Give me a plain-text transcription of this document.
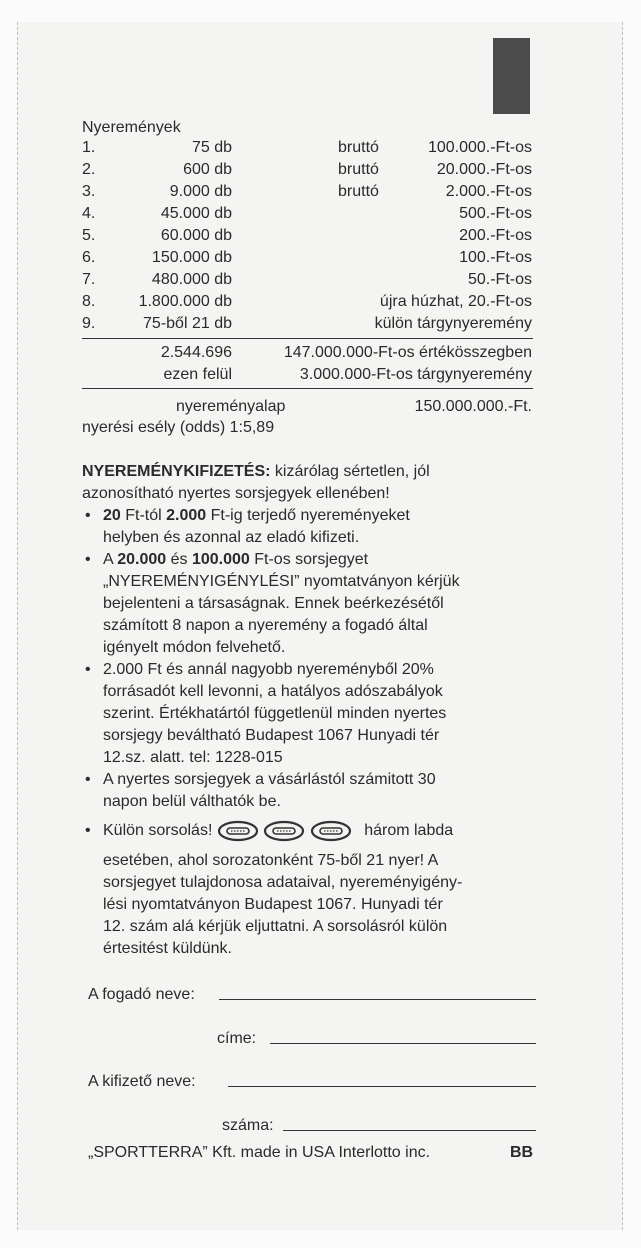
Nyeremények
1.	75 db	bruttó	100.000.-Ft-os
2.	600 db	bruttó	20.000.-Ft-os
3.	9.000 db	bruttó	2.000.-Ft-os
4.	45.000 db	500.-Ft-os
5.	60.000 db	200.-Ft-os
6.	150.000 db	100.-Ft-os
7.	480.000 db	50.-Ft-os
8.	1.800.000 db	újra húzhat, 20.-Ft-os
9.	75-ből 21 db	külön tárgynyeremény
2.544.696	147.000.000-Ft-os értékösszegben
ezen felül	3.000.000-Ft-os tárgynyeremény
nyereményalap	150.000.000.-Ft.
nyerési esély (odds) 1:5,89
NYEREMÉNYKIFIZETÉS: kizárólag sértetlen, jól
azonosítható nyertes sorsjegyek ellenében!
• 20 Ft-tól 2.000 Ft-ig terjedő nyereményeket
helyben és azonnal az eladó kifizeti.
• A 20.000 és 100.000 Ft-os sorsjegyet
„NYEREMÉNYIGÉNYLÉSI” nyomtatványon kérjük
bejelenteni a társaságnak. Ennek beérkezésétől
számított 8 napon a nyeremény a fogadó által
igényelt módon felvehető.
• 2.000 Ft és annál nagyobb nyereményből 20%
forrásadót kell levonni, a hatályos adószabályok
szerint. Értékhatártól függetlenül minden nyertes
sorsjegy beváltható Budapest 1067 Hunyadi tér
12.sz. alatt. tel: 1228-015
• A nyertes sorsjegyek a vásárlástól számitott 30
napon belül válthatók be.
• Külön sorsolás!	három labda
esetében, ahol sorozatonként 75-ből 21 nyer! A
sorsjegyet tulajdonosa adataival, nyereményigény-
lési nyomtatványon Budapest 1067. Hunyadi tér
12. szám alá kérjük eljuttatni. A sorsolásról külön
értesitést küldünk.
A fogadó neve:
címe:
A kifizető neve:
száma:
„SPORTTERRA” Kft. made in USA Interlotto inc.	BB
